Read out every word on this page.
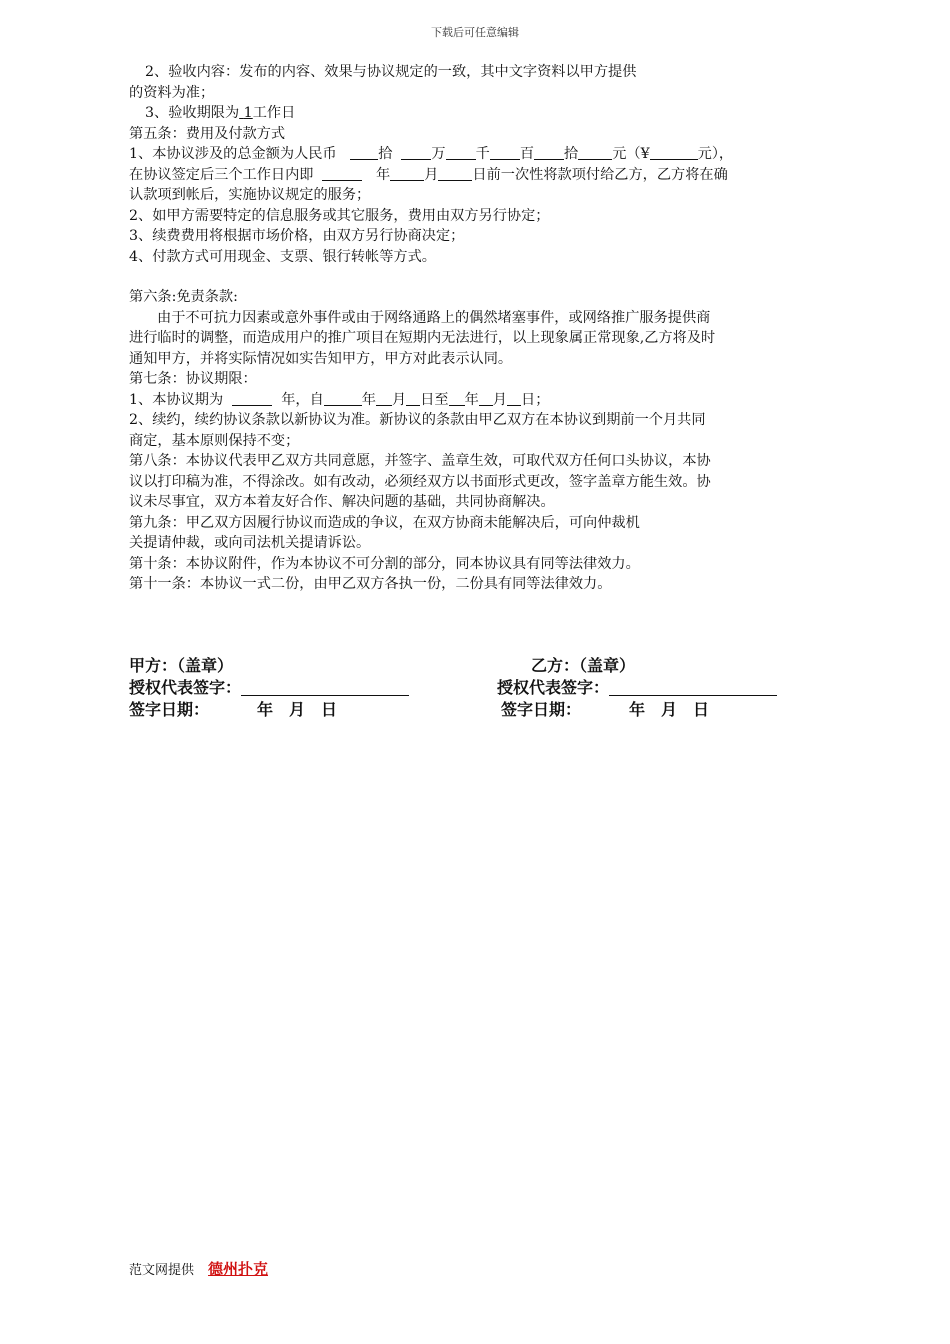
下载后可任意编辑

2、验收内容：发布的内容、效果与协议规定的一致，其中文字资料以甲方提供

的资料为准；

3、验收期限为 1工作日

第五条：费用及付款方式

1、本协议涉及的总金额为人民币	拾	万 千 百 拾 元（¥	元），

在协议签定后三个工作日内即	年 月 日前一次性将款项付给乙方，乙方将在确

认款项到帐后，实施协议规定的服务；

2、如甲方需要特定的信息服务或其它服务，费用由双方另行协定；

3、续费费用将根据市场价格，由双方另行协商决定；

4、付款方式可用现金、支票、银行转帐等方式。

第六条:免责条款:

由于不可抗力因素或意外事件或由于网络通路上的偶然堵塞事件，或网络推广服务提供商

进行临时的调整，而造成用户的推广项目在短期内无法进行，以上现象属正常现象,乙方将及时

通知甲方，并将实际情况如实告知甲方，甲方对此表示认同。

第七条：协议期限：

1、本协议期为	年，自	年 月 日至 年 月 日；

2、续约，续约协议条款以新协议为准。新协议的条款由甲乙双方在本协议到期前一个月共同

商定，基本原则保持不变；

第八条：本协议代表甲乙双方共同意愿，并签字、盖章生效，可取代双方任何口头协议，本协

议以打印稿为准，不得涂改。如有改动，必须经双方以书面形式更改，签字盖章方能生效。协

议未尽事宜，双方本着友好合作、解决问题的基础，共同协商解决。

第九条：甲乙双方因履行协议而造成的争议，在双方协商未能解决后，可向仲裁机

关提请仲裁，或向司法机关提请诉讼。

第十条：本协议附件，作为本协议不可分割的部分，同本协议具有同等法律效力。

第十一条：本协议一式二份，由甲乙双方各执一份，二份具有同等法律效力。

甲方：（盖章）	乙方：（盖章）
授权代表签字：	授权代表签字：
签字日期：	年 月 日	签字日期：	年 月 日
范文网提供 德州扑克
